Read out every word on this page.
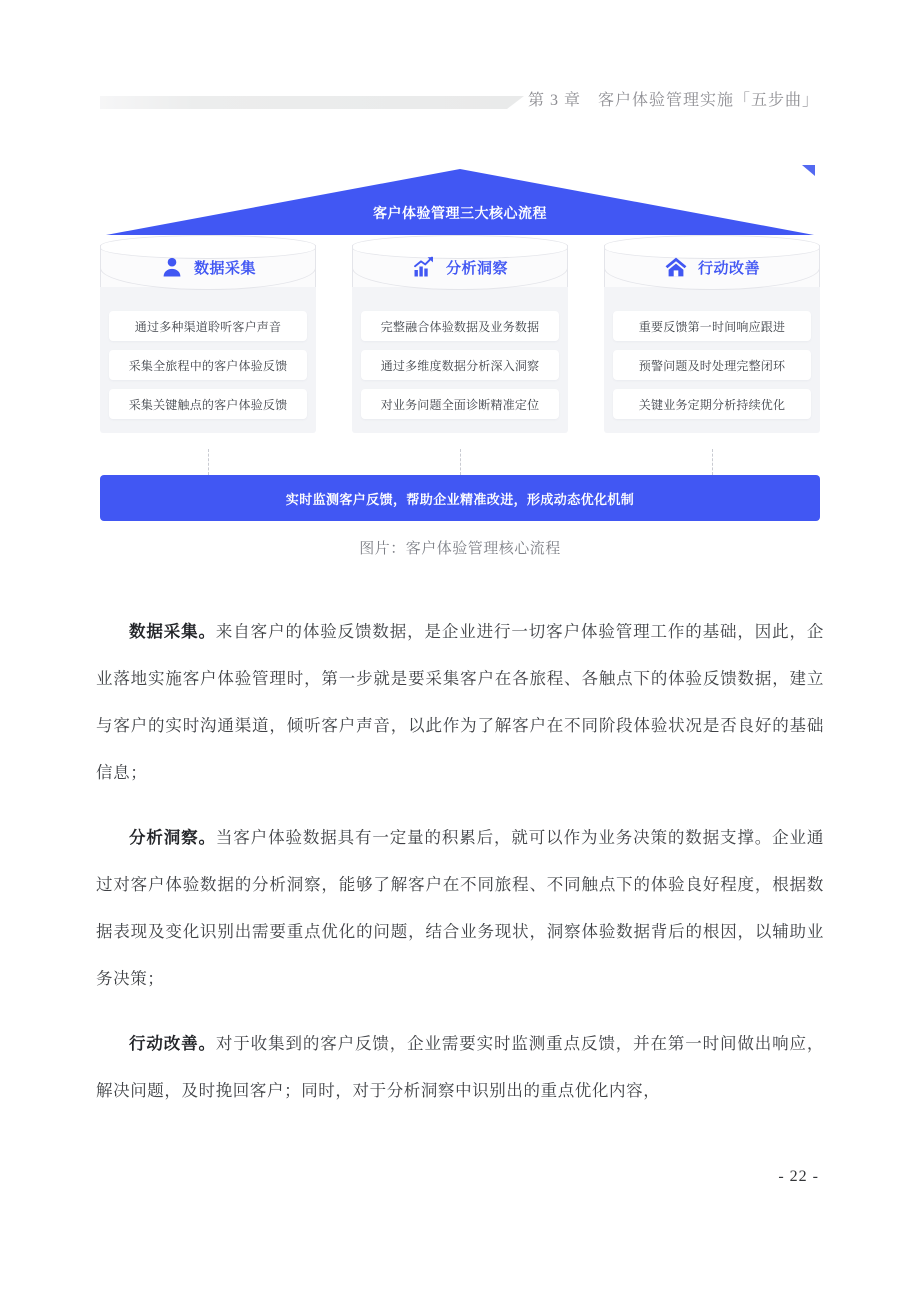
第 3 章　客户体验管理实施「五步曲」
客户体验管理三大核心流程
数据采集
通过多种渠道聆听客户声音
采集全旅程中的客户体验反馈
采集关键触点的客户体验反馈
分析洞察
完整融合体验数据及业务数据
通过多维度数据分析深入洞察
对业务问题全面诊断精准定位
行动改善
重要反馈第一时间响应跟进
预警问题及时处理完整闭环
关键业务定期分析持续优化
实时监测客户反馈，帮助企业精准改进，形成动态优化机制
图片：客户体验管理核心流程

数据采集。来自客户的体验反馈数据，是企业进行一切客户体验管理工作的基础，因此，企业落地实施客户体验管理时，第一步就是要采集客户在各旅程、各触点下的体验反馈数据，建立与客户的实时沟通渠道，倾听客户声音，以此作为了解客户在不同阶段体验状况是否良好的基础信息；

分析洞察。当客户体验数据具有一定量的积累后，就可以作为业务决策的数据支撑。企业通过对客户体验数据的分析洞察，能够了解客户在不同旅程、不同触点下的体验良好程度，根据数据表现及变化识别出需要重点优化的问题，结合业务现状，洞察体验数据背后的根因，以辅助业务决策；

行动改善。对于收集到的客户反馈，企业需要实时监测重点反馈，并在第一时间做出响应，解决问题，及时挽回客户；同时，对于分析洞察中识别出的重点优化内容，

- 22 -
